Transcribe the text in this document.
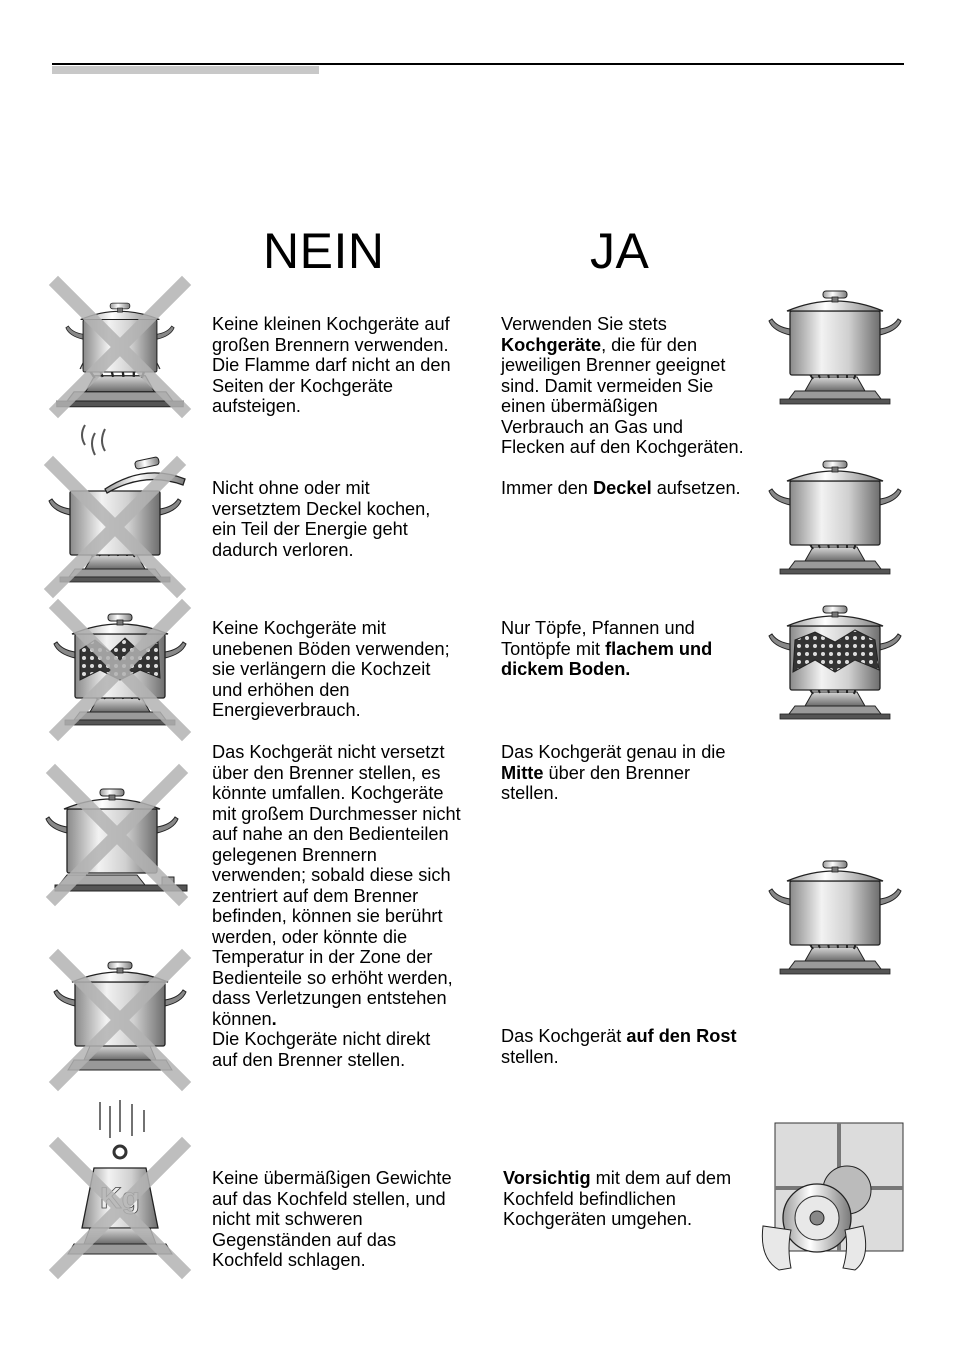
NEIN	JA
Kg
Keine kleinen Kochgeräte auf
großen Brennern verwenden.
Die Flamme darf nicht an den
Seiten der Kochgeräte
aufsteigen.
Nicht ohne oder mit
versetztem Deckel kochen,
ein Teil der Energie geht
dadurch verloren.
Keine Kochgeräte mit
unebenen Böden verwenden;
sie verlängern die Kochzeit
und erhöhen den
Energieverbrauch.
Das Kochgerät nicht versetzt
über den Brenner stellen, es
könnte umfallen. Kochgeräte
mit großem Durchmesser nicht
auf nahe an den Bedienteilen
gelegenen Brennern
verwenden; sobald diese sich
zentriert auf dem Brenner
befinden, können sie berührt
werden, oder könnte die
Temperatur in der Zone der
Bedienteile so erhöht werden,
dass Verletzungen entstehen
können.
Die Kochgeräte nicht direkt
auf den Brenner stellen.
Keine übermäßigen Gewichte
auf das Kochfeld stellen, und
nicht mit schweren
Gegenständen auf das
Kochfeld schlagen.
Verwenden Sie stets
Kochgeräte, die für den
jeweiligen Brenner geeignet
sind. Damit vermeiden Sie
einen übermäßigen
Verbrauch an Gas und
Flecken auf den Kochgeräten.
Immer den Deckel aufsetzen.
Nur Töpfe, Pfannen und
Tontöpfe mit flachem und
dickem Boden.
Das Kochgerät genau in die
Mitte über den Brenner
stellen.
Das Kochgerät auf den Rost
stellen.
Vorsichtig mit dem auf dem
Kochfeld befindlichen
Kochgeräten umgehen.
